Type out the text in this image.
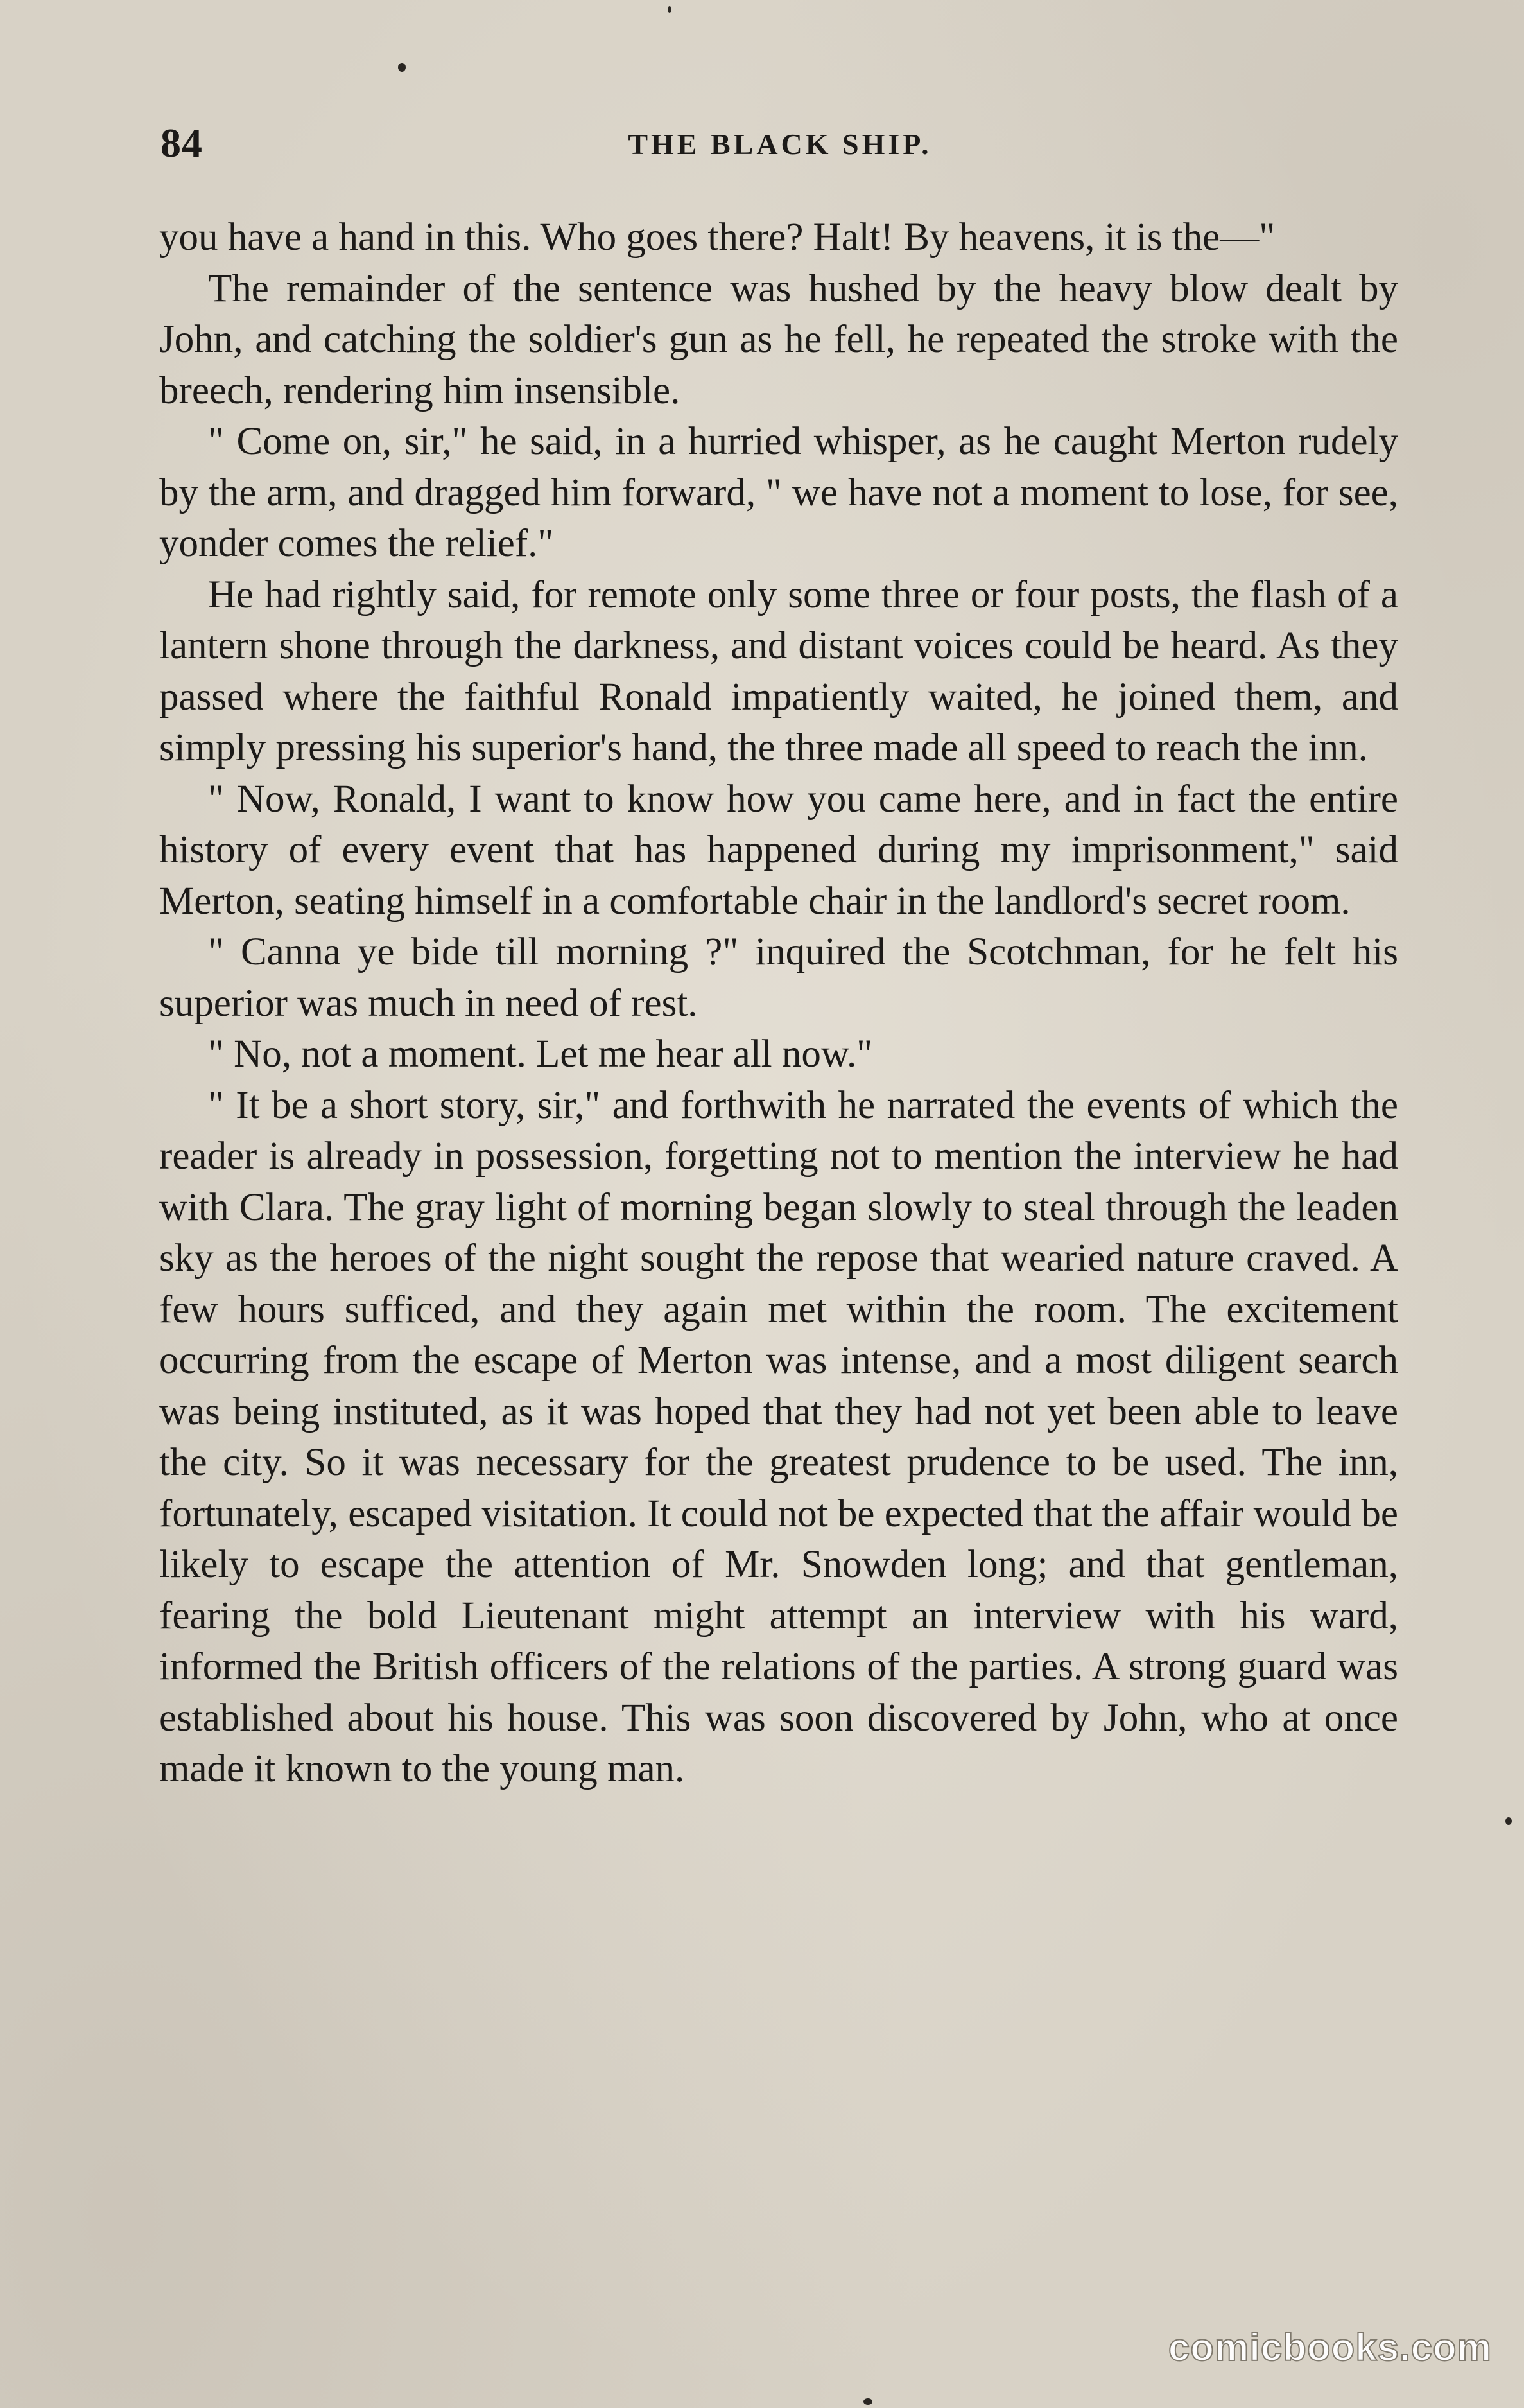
84	THE BLACK SHIP.

you have a hand in this. Who goes there? Halt! By heavens, it is the—"

The remainder of the sentence was hushed by the heavy blow dealt by John, and catching the soldier's gun as he fell, he repeated the stroke with the breech, rendering him insensible.

" Come on, sir," he said, in a hurried whisper, as he caught Merton rudely by the arm, and dragged him forward, " we have not a moment to lose, for see, yonder comes the relief."

He had rightly said, for remote only some three or four posts, the flash of a lantern shone through the darkness, and distant voices could be heard. As they passed where the faithful Ronald impatiently waited, he joined them, and simply pressing his superior's hand, the three made all speed to reach the inn.

" Now, Ronald, I want to know how you came here, and in fact the entire history of every event that has happened during my imprisonment," said Merton, seating himself in a comfortable chair in the landlord's secret room.

" Canna ye bide till morning ?" inquired the Scotchman, for he felt his superior was much in need of rest.

" No, not a moment. Let me hear all now."

" It be a short story, sir," and forthwith he narrated the events of which the reader is already in possession, forgetting not to mention the interview he had with Clara. The gray light of morning began slowly to steal through the leaden sky as the heroes of the night sought the repose that wearied nature craved. A few hours sufficed, and they again met within the room. The excitement occurring from the escape of Merton was intense, and a most diligent search was being instituted, as it was hoped that they had not yet been able to leave the city. So it was necessary for the greatest prudence to be used. The inn, fortunately, escaped visitation. It could not be expected that the affair would be likely to escape the attention of Mr. Snowden long; and that gentleman, fearing the bold Lieutenant might attempt an interview with his ward, informed the British officers of the relations of the parties. A strong guard was established about his house. This was soon discovered by John, who at once made it known to the young man.

comicbooks.com
